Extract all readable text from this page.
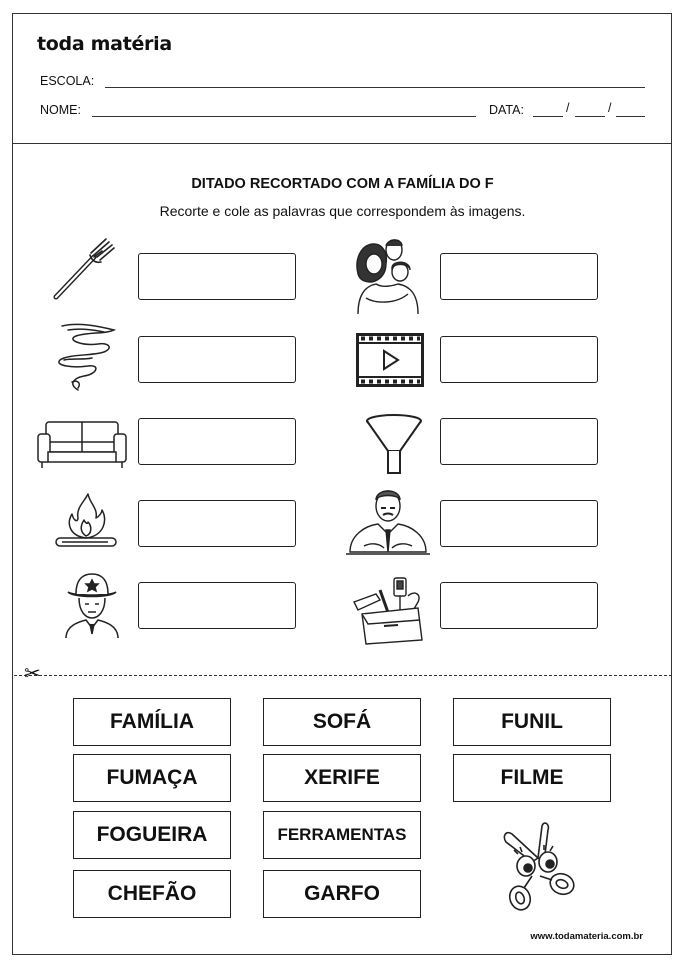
toda matéria
ESCOLA:
NOME:	DATA:	/	/
DITADO RECORTADO COM A FAMÍLIA DO F
Recorte e cole as palavras que correspondem às imagens.
✂
FAMÍLIA	SOFÁ	FUNIL
FUMAÇA	XERIFE	FILME
FOGUEIRA	FERRAMENTAS
CHEFÃO	GARFO
www.todamateria.com.br
